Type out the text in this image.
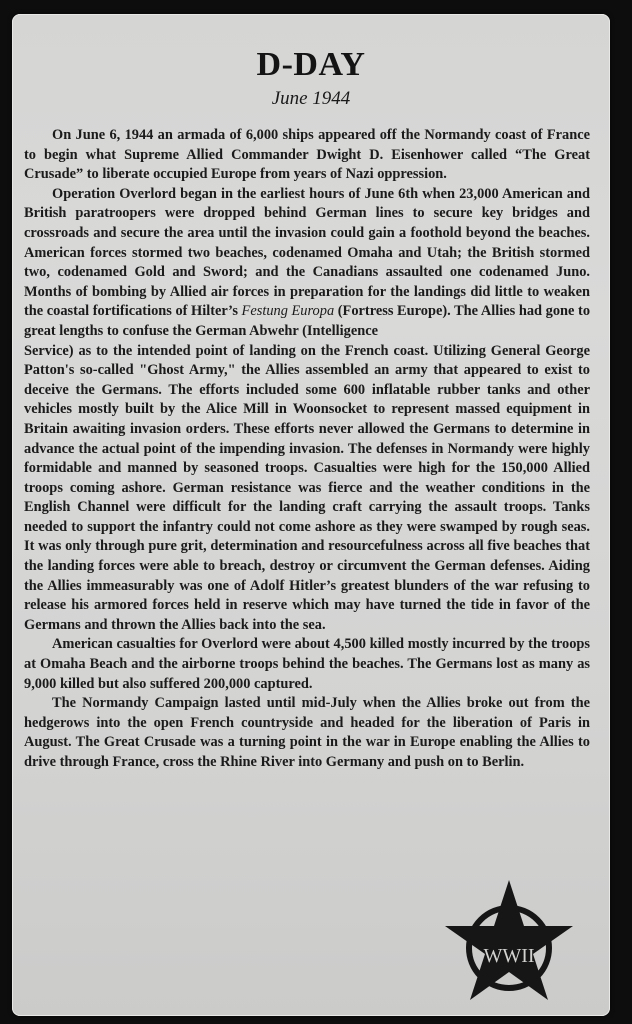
D-DAY
June 1944

On June 6, 1944 an armada of 6,000 ships appeared off the Normandy coast of France to begin what Supreme Allied Commander Dwight D. Eisenhower called “The Great Crusade” to liberate occupied Europe from years of Nazi oppression.

Operation Overlord began in the earliest hours of June 6th when 23,000 American and British paratroopers were dropped behind German lines to secure key bridges and crossroads and secure the area until the invasion could gain a foothold beyond the beaches. American forces stormed two beaches, codenamed Omaha and Utah; the British stormed two, codenamed Gold and Sword; and the Canadians assaulted one codenamed Juno. Months of bombing by Allied air forces in preparation for the landings did little to weaken the coastal fortifications of Hilter’s Festung Europa (Fortress Europe). The Allies had gone to great lengths to confuse the German Abwehr (Intelligence

Service) as to the intended point of landing on the French coast. Utilizing General George Patton's so-called "Ghost Army," the Allies assembled an army that appeared to exist to deceive the Germans. The efforts included some 600 inflatable rubber tanks and other vehicles mostly built by the Alice Mill in Woonsocket to represent massed equipment in Britain awaiting invasion orders. These efforts never allowed the Germans to determine in advance the actual point of the impending invasion. The defenses in Normandy were highly formidable and manned by seasoned troops. Casualties were high for the 150,000 Allied troops coming ashore. German resistance was fierce and the weather conditions in the English Channel were difficult for the landing craft carrying the assault troops. Tanks needed to support the infantry could not come ashore as they were swamped by rough seas. It was only through pure grit, determination and resourcefulness across all five beaches that the landing forces were able to breach, destroy or circumvent the German defenses. Aiding the Allies immeasurably was one of Adolf Hitler’s greatest blunders of the war refusing to release his armored forces held in reserve which may have turned the tide in favor of the Germans and thrown the Allies back into the sea.

American casualties for Overlord were about 4,500 killed mostly incurred by the troops at Omaha Beach and the airborne troops behind the beaches. The Germans lost as many as 9,000 killed but also suffered 200,000 captured.

The Normandy Campaign lasted until mid-July when the Allies broke out from the hedgerows into the open French countryside and headed for the liberation of Paris in August. The Great Crusade was a turning point in the war in Europe enabling the Allies to drive through France, cross the Rhine River into Germany and push on to Berlin.

WWII
